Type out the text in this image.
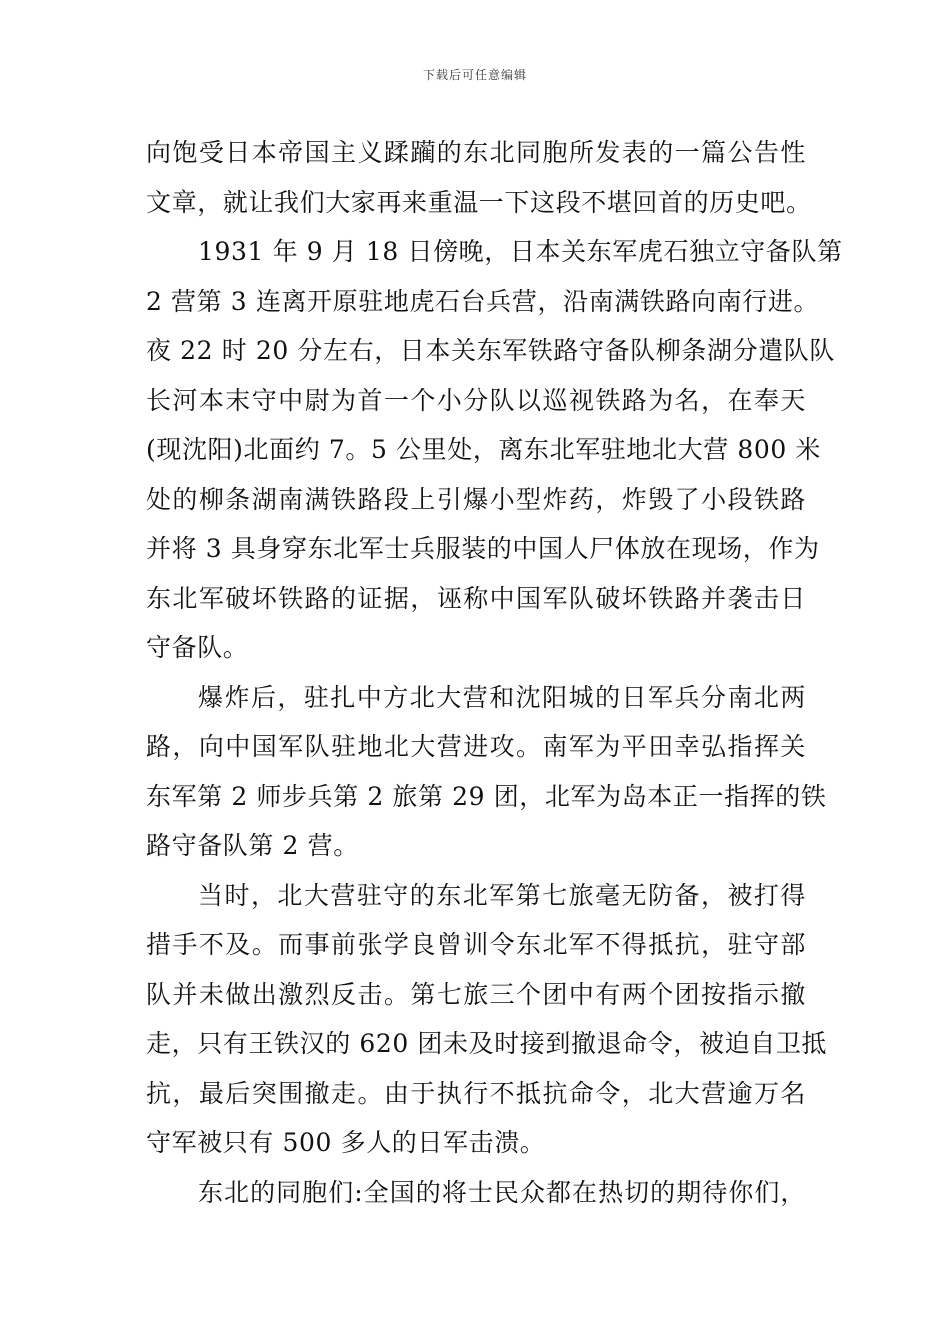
下载后可任意编辑
向饱受日本帝国主义蹂躏的东北同胞所发表的一篇公告性
文章，就让我们大家再来重温一下这段不堪回首的历史吧。
1931 年 9 月 18 日傍晚，日本关东军虎石独立守备队第
2 营第 3 连离开原驻地虎石台兵营，沿南满铁路向南行进。
夜 22 时 20 分左右，日本关东军铁路守备队柳条湖分遣队队
长河本末守中尉为首一个小分队以巡视铁路为名，在奉天
(现沈阳)北面约 7。5 公里处，离东北军驻地北大营 800 米
处的柳条湖南满铁路段上引爆小型炸药，炸毁了小段铁路
并将 3 具身穿东北军士兵服装的中国人尸体放在现场，作为
东北军破坏铁路的证据，诬称中国军队破坏铁路并袭击日
守备队。
爆炸后，驻扎中方北大营和沈阳城的日军兵分南北两
路，向中国军队驻地北大营进攻。南军为平田幸弘指挥关
东军第 2 师步兵第 2 旅第 29 团，北军为岛本正一指挥的铁
路守备队第 2 营。
当时，北大营驻守的东北军第七旅毫无防备，被打得
措手不及。而事前张学良曾训令东北军不得抵抗，驻守部
队并未做出激烈反击。第七旅三个团中有两个团按指示撤
走，只有王铁汉的 620 团未及时接到撤退命令，被迫自卫抵
抗，最后突围撤走。由于执行不抵抗命令，北大营逾万名
守军被只有 500 多人的日军击溃。
东北的同胞们:全国的将士民众都在热切的期待你们，
